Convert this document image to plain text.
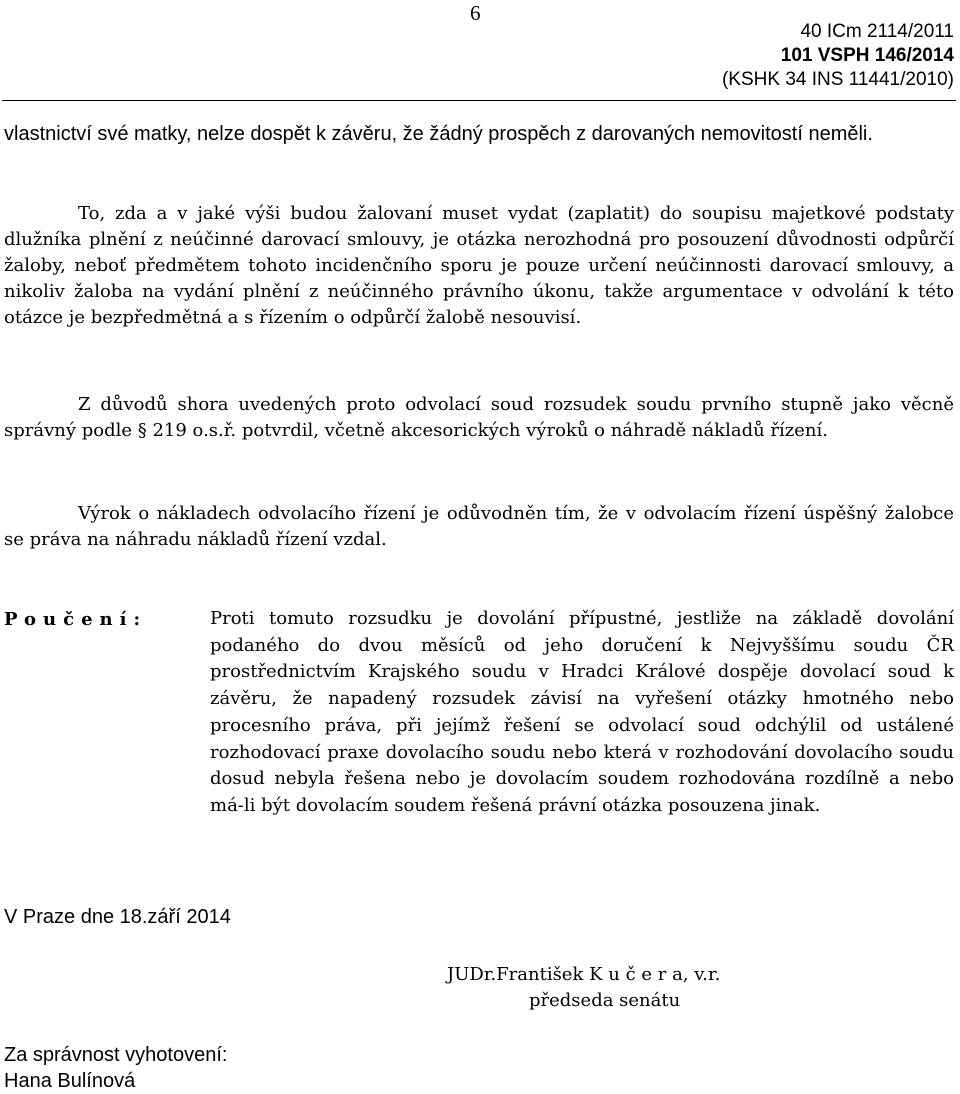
6
40 ICm 2114/2011
101 VSPH 146/2014
(KSHK 34 INS 11441/2010)

vlastnictví své matky, nelze dospět k závěru, že žádný prospěch z darovaných nemovitostí neměli.

To, zda a v jaké výši budou žalovaní muset vydat (zaplatit) do soupisu majetkové podstaty dlužníka plnění z neúčinné darovací smlouvy, je otázka nerozhodná pro posouzení důvodnosti odpůrčí žaloby, neboť předmětem tohoto incidenčního sporu je pouze určení neúčinnosti darovací smlouvy, a nikoliv žaloba na vydání plnění z neúčinného právního úkonu, takže argumentace v odvolání k této otázce je bezpředmětná a s řízením o odpůrčí žalobě nesouvisí.

Z důvodů shora uvedených proto odvolací soud rozsudek soudu prvního stupně jako věcně správný podle § 219 o.s.ř. potvrdil, včetně akcesorických výroků o náhradě nákladů řízení.

Výrok o nákladech odvolacího řízení je odůvodněn tím, že v odvolacím řízení úspěšný žalobce se práva na náhradu nákladů řízení vzdal.

Poučení:	Proti tomuto rozsudku je dovolání přípustné, jestliže na základě dovolání podaného do dvou měsíců od jeho doručení k Nejvyššímu soudu ČR prostřednictvím Krajského soudu v Hradci Králové dospěje dovolací soud k závěru, že napadený rozsudek závisí na vyřešení otázky hmotného nebo procesního práva, při jejímž řešení se odvolací soud odchýlil od ustálené rozhodovací praxe dovolacího soudu nebo která v rozhodování dovolacího soudu dosud nebyla řešena nebo je dovolacím soudem rozhodována rozdílně a nebo má-li být dovolacím soudem řešená právní otázka posouzena jinak.

V Praze dne 18.září 2014

JUDr.František K u č e r a, v.r.
předseda senátu
Za správnost vyhotovení:
Hana Bulínová
